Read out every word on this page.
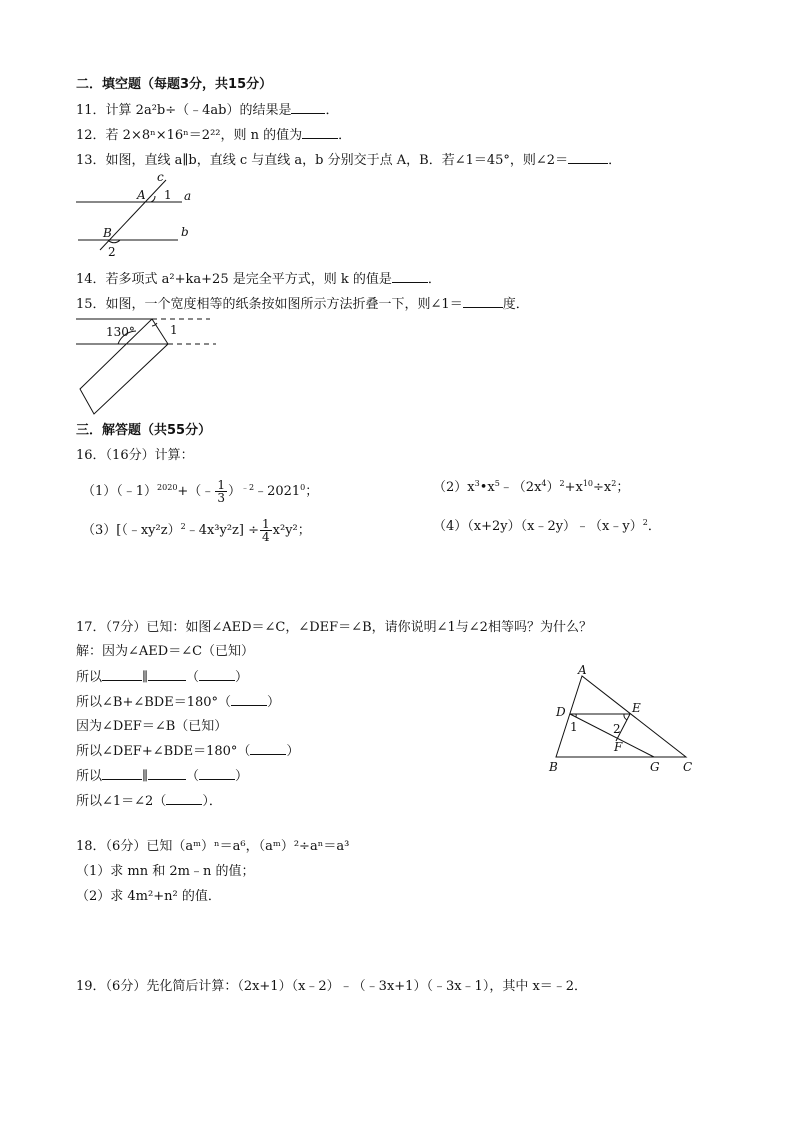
二．填空题（每题3分，共15分）
11．计算 2a²b÷（﹣4ab）的结果是	．
12．若 2×8ⁿ×16ⁿ＝2²²，则 n 的值为	．
13．如图，直线 a∥b，直线 c 与直线 a，b 分别交于点 A，B．若∠1＝45°，则∠2＝	．
c
A 1 a
B	b
2
14．若多项式 a²+ka+25 是完全平方式，则 k 的值是	．
15．如图，一个宽度相等的纸条按如图所示方法折叠一下，则∠1＝	度．
130°	1
三．解答题（共55分）
16．（16分）计算：
（1）（﹣1）$^{2020}$+（﹣ $\frac{1}{3}$ ）$^{﹣2}$﹣2021$^0$；	$(2)x^3•x^5﹣(2x^4)^2+x^{10}\div x^2$；
（3）[（﹣xy²z）$^2$﹣4x³y²z] ÷ $\frac{1}{4} x^2y^2$；	（4）（x+2y）（x﹣2y）﹣（x﹣y）$^2$．
17．（7分）已知：如图∠AED＝∠C，∠DEF＝∠B，请你说明∠1与∠2相等吗？为什么？
解：因为∠AED＝∠C（已知）
所以	∥	（	）
所以∠B+∠BDE＝180°（	）
因为∠DEF＝∠B（已知）
所以∠DEF+∠BDE＝180°（	）
所以	∥	（	）
所以∠1＝∠2（	）．
A
D	E
1	2
F
B	G C
18．（6分）已知（aᵐ）ⁿ＝a⁶，（aᵐ）²÷aⁿ＝a³
（1）求 mn 和 2m﹣n 的值；
（2）求 4m²+n² 的值．
19．（6分）先化简后计算：（2x+1）（x﹣2）﹣（﹣3x+1）（﹣3x﹣1），其中 x＝﹣2．
